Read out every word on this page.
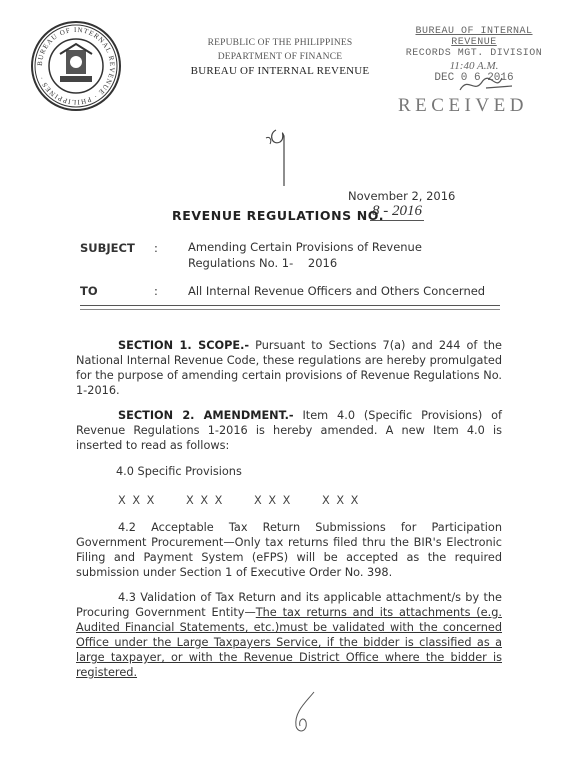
BUREAU OF INTERNAL REVENUE · PHILIPPINES ·
REPUBLIC OF THE PHILIPPINES
DEPARTMENT OF FINANCE
BUREAU OF INTERNAL REVENUE
BUREAU OF INTERNAL REVENUE
RECORDS MGT. DIVISION
11:40 A.M.
DEC 0 6 2016
RECEIVED
November 2, 2016
REVENUE REGULATIONS NO.
8 - 2016
SUBJECT :	Amending Certain Provisions of Revenue
Regulations No. 1-    2016
TO	:	All Internal Revenue Officers and Others Concerned
SECTION 1. SCOPE.- Pursuant to Sections 7(a) and 244 of the National Internal Revenue Code, these regulations are hereby promulgated for the purpose of amending certain provisions of Revenue Regulations No. 1-2016.
SECTION 2. AMENDMENT.- Item 4.0 (Specific Provisions) of Revenue Regulations 1-2016 is hereby amended. A new Item 4.0 is inserted to read as follows:
4.0 Specific Provisions
X X X	X X X	X X X	X X X
4.2 Acceptable Tax Return Submissions for Participation Government Procurement—Only tax returns filed thru the BIR's Electronic Filing and Payment System (eFPS) will be accepted as the required submission under Section 1 of Executive Order No. 398.
4.3 Validation of Tax Return and its applicable attachment/s by the Procuring Government Entity—The tax returns and its attachments (e.g. Audited Financial Statements, etc.)must be validated with the concerned Office under the Large Taxpayers Service, if the bidder is classified as a large taxpayer, or with the Revenue District Office where the bidder is registered.
